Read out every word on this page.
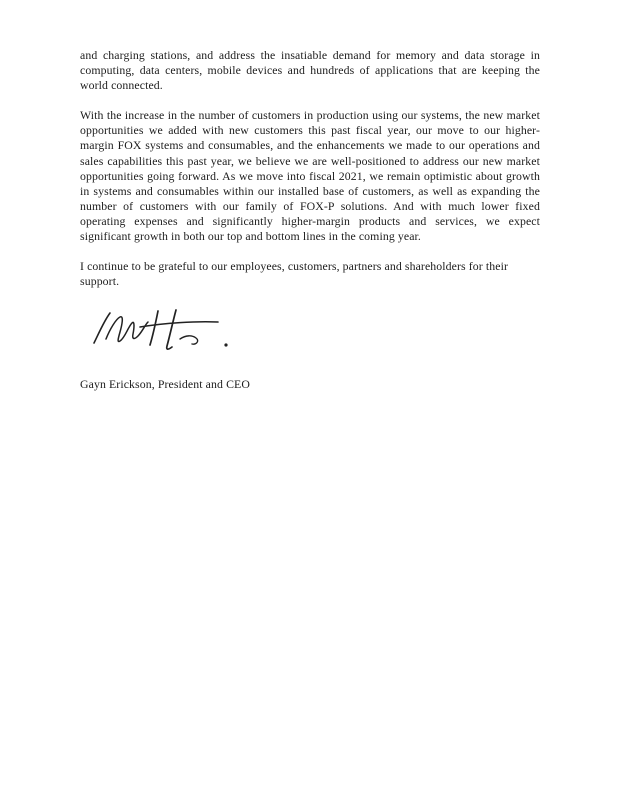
and charging stations, and address the insatiable demand for memory and data storage in computing, data centers, mobile devices and hundreds of applications that are keeping the world connected.

With the increase in the number of customers in production using our systems, the new market opportunities we added with new customers this past fiscal year, our move to our higher-margin FOX systems and consumables, and the enhancements we made to our operations and sales capabilities this past year, we believe we are well-positioned to address our new market opportunities going forward. As we move into fiscal 2021, we remain optimistic about growth in systems and consumables within our installed base of customers, as well as expanding the number of customers with our family of FOX-P solutions. And with much lower fixed operating expenses and significantly higher-margin products and services, we expect significant growth in both our top and bottom lines in the coming year.

I continue to be grateful to our employees, customers, partners and shareholders for their support.

Gayn Erickson, President and CEO
